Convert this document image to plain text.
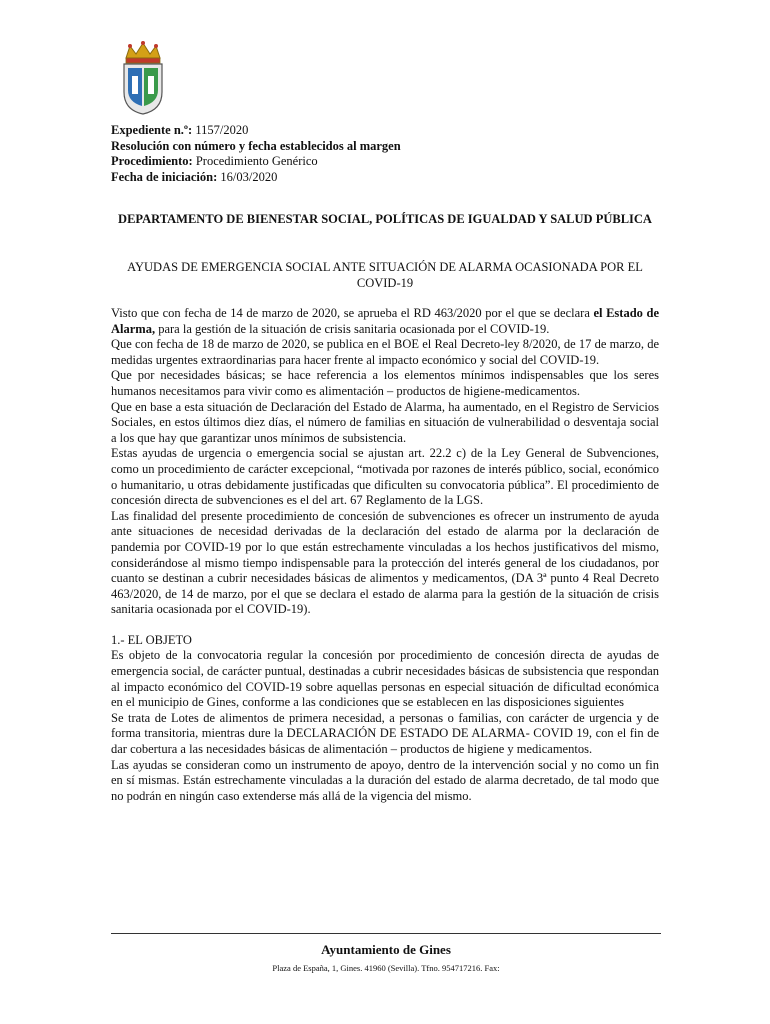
Expediente n.º: 1157/2020
Resolución con número y fecha establecidos al margen
Procedimiento: Procedimiento Genérico
Fecha de iniciación: 16/03/2020
DEPARTAMENTO DE BIENESTAR SOCIAL, POLÍTICAS DE IGUALDAD Y SALUD PÚBLICA
AYUDAS DE EMERGENCIA SOCIAL ANTE SITUACIÓN DE ALARMA OCASIONADA POR EL COVID-19

Visto que con fecha de 14 de marzo de 2020, se aprueba el RD 463/2020 por el que se declara el Estado de Alarma, para la gestión de la situación de crisis sanitaria ocasionada por el COVID-19.

Que con fecha de 18 de marzo de 2020, se publica en el BOE el Real Decreto-ley 8/2020, de 17 de marzo, de medidas urgentes extraordinarias para hacer frente al impacto económico y social del COVID-19.

Que por necesidades básicas; se hace referencia a los elementos mínimos indispensables que los seres humanos necesitamos para vivir como es alimentación – productos de higiene-medicamentos.

Que en base a esta situación de Declaración del Estado de Alarma, ha aumentado, en el Registro de Servicios Sociales, en estos últimos diez días, el número de familias en situación de vulnerabilidad o desventaja social a los que hay que garantizar unos mínimos de subsistencia.

Estas ayudas de urgencia o emergencia social se ajustan art. 22.2 c) de la Ley General de Subvenciones, como un procedimiento de carácter excepcional, “motivada por razones de interés público, social, económico o humanitario, u otras debidamente justificadas que dificulten su convocatoria pública”. El procedimiento de concesión directa de subvenciones es el del art. 67 Reglamento de la LGS.

Las finalidad del presente procedimiento de concesión de subvenciones es ofrecer un instrumento de ayuda ante situaciones de necesidad derivadas de la declaración del estado de alarma por la declaración de pandemia por COVID-19 por lo que están estrechamente vinculadas a los hechos justificativos del mismo, considerándose al mismo tiempo indispensable para la protección del interés general de los ciudadanos, por cuanto se destinan a cubrir necesidades básicas de alimentos y medicamentos, (DA 3ª punto 4 Real Decreto 463/2020, de 14 de marzo, por el que se declara el estado de alarma para la gestión de la situación de crisis sanitaria ocasionada por el COVID-19).

1.- EL OBJETO

Es objeto de la convocatoria regular la concesión por procedimiento de concesión directa de ayudas de emergencia social, de carácter puntual, destinadas a cubrir necesidades básicas de subsistencia que respondan al impacto económico del COVID-19 sobre aquellas personas en especial situación de dificultad económica en el municipio de Gines, conforme a las condiciones que se establecen en las disposiciones siguientes

Se trata de Lotes de alimentos de primera necesidad, a personas o familias, con carácter de urgencia y de forma transitoria, mientras dure la DECLARACIÓN DE ESTADO DE ALARMA- COVID 19, con el fin de dar cobertura a las necesidades básicas de alimentación – productos de higiene y medicamentos.

Las ayudas se consideran como un instrumento de apoyo, dentro de la intervención social y no como un fin en sí mismas. Están estrechamente vinculadas a la duración del estado de alarma decretado, de tal modo que no podrán en ningún caso extenderse más allá de la vigencia del mismo.

Ayuntamiento de Gines
Plaza de España, 1, Gines. 41960 (Sevilla). Tfno. 954717216. Fax:
